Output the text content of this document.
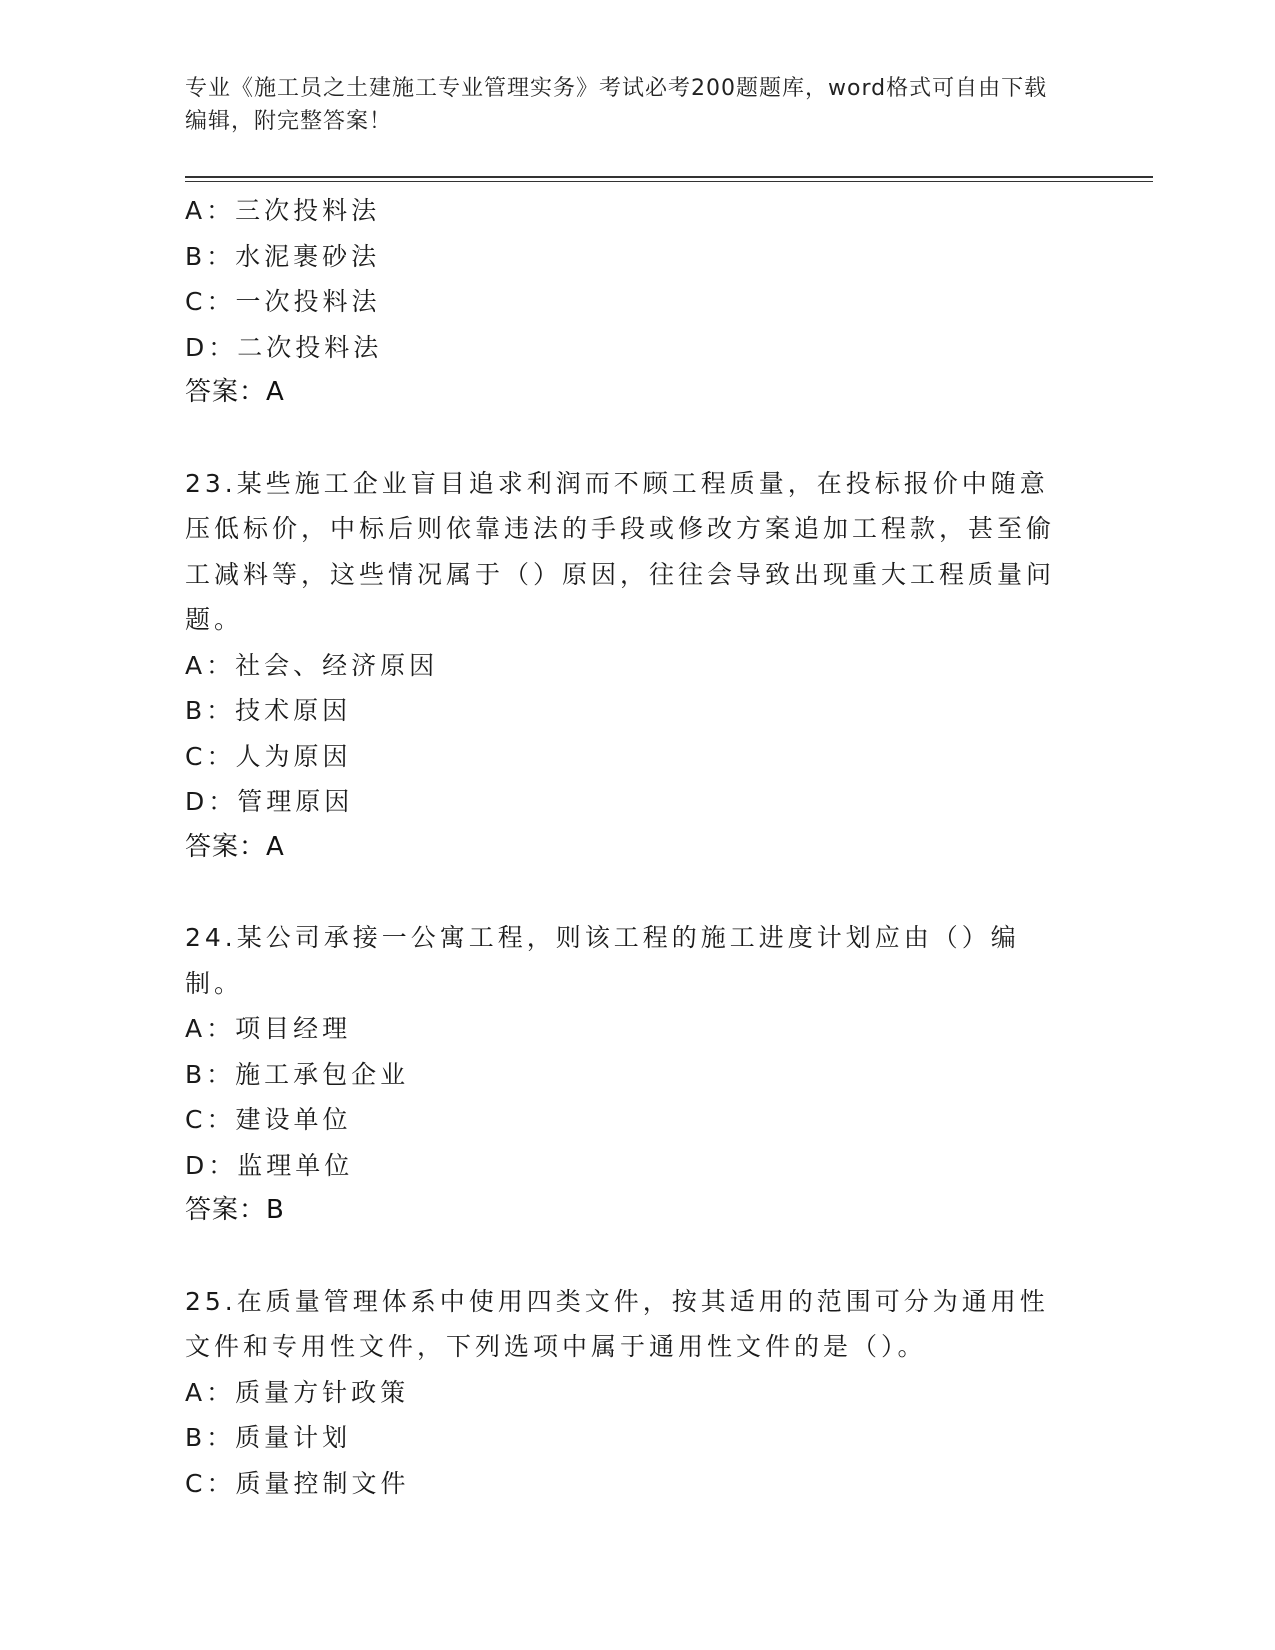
专业《施工员之土建施工专业管理实务》考试必考200题题库，word格式可自由下载编辑，附完整答案！
A：三次投料法
B：水泥裹砂法
C：一次投料法
D：二次投料法
答案：A
23.某些施工企业盲目追求利润而不顾工程质量，在投标报价中随意压低标价，中标后则依靠违法的手段或修改方案追加工程款，甚至偷工减料等，这些情况属于（）原因，往往会导致出现重大工程质量问题。
A：社会、经济原因
B：技术原因
C：人为原因
D：管理原因
答案：A
24.某公司承接一公寓工程，则该工程的施工进度计划应由（）编制。
A：项目经理
B：施工承包企业
C：建设单位
D：监理单位
答案：B
25.在质量管理体系中使用四类文件，按其适用的范围可分为通用性文件和专用性文件，下列选项中属于通用性文件的是（）。
A：质量方针政策
B：质量计划
C：质量控制文件
